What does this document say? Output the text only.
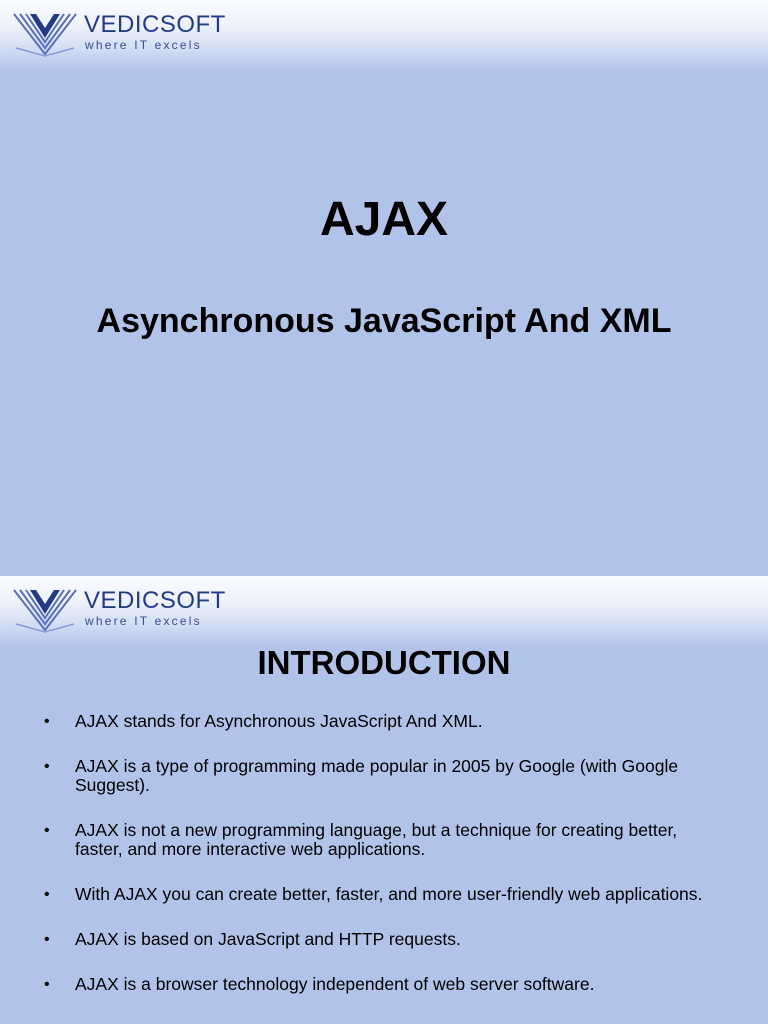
VEDICSOFT
where IT excels
AJAX
Asynchronous JavaScript And XML
VEDICSOFT
where IT excels
INTRODUCTION
• AJAX stands for Asynchronous JavaScript And XML.
• AJAX is a type of programming made popular in 2005 by Google (with Google Suggest).
• AJAX is not a new programming language, but a technique for creating better, faster, and more interactive web applications.
• With AJAX you can create better, faster, and more user-friendly web applications.
• AJAX is based on JavaScript and HTTP requests.
• AJAX is a browser technology independent of web server software.
